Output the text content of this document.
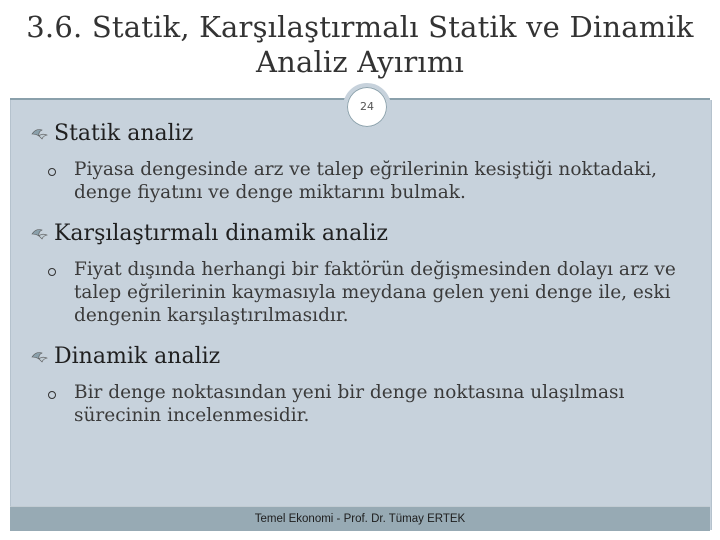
3.6. Statik, Karşılaştırmalı Statik ve Dinamik Analiz Ayırımı
24
Statik analiz
Piyasa dengesinde arz ve talep eğrilerinin kesiştiği noktadaki, denge fiyatını ve denge miktarını bulmak.
Karşılaştırmalı dinamik analiz
Fiyat dışında herhangi bir faktörün değişmesinden dolayı arz ve talep eğrilerinin kaymasıyla meydana gelen yeni denge ile, eski dengenin karşılaştırılmasıdır.
Dinamik analiz
Bir denge noktasından yeni bir denge noktasına ulaşılması sürecinin incelenmesidir.
Temel Ekonomi - Prof. Dr. Tümay ERTEK
